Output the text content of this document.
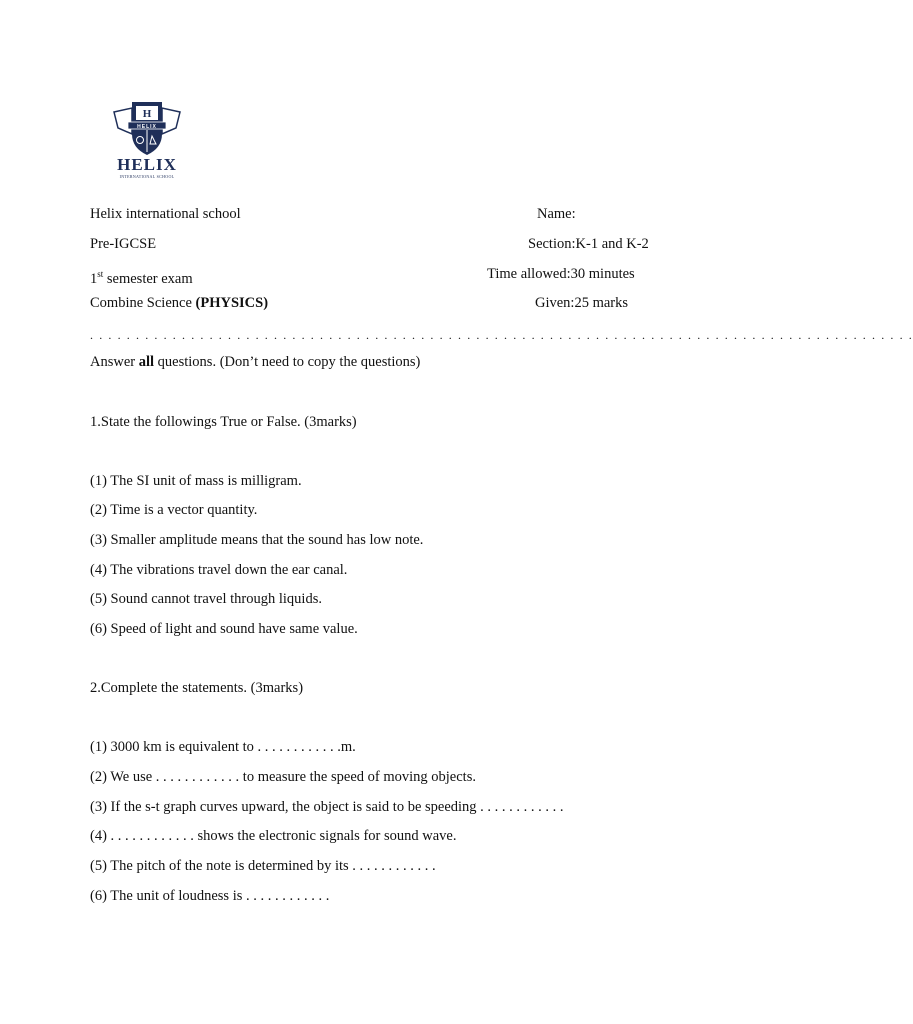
H
HELIX
HELIX
INTERNATIONAL SCHOOL
Helix international school	Name:
Pre-IGCSE	Section:K-1 and K-2
1st semester exam	Time allowed:30 minutes
Combine Science (PHYSICS)	Given:25 marks
. . . . . . . . . . . . . . . . . . . . . . . . . . . . . . . . . . . . . . . . . . . . . . . . . . . . . . . . . . . . . . . . . . . . . . . . . . . . . . . . . . . . . . . . . .
Answer all questions. (Don’t need to copy the questions)
1.State the followings True or False. (3marks)
(1) The SI unit of mass is milligram.
(2) Time is a vector quantity.
(3) Smaller amplitude means that the sound has low note.
(4) The vibrations travel down the ear canal.
(5) Sound cannot travel through liquids.
(6) Speed of light and sound have same value.
2.Complete the statements. (3marks)
(1) 3000 km is equivalent to . . . . . . . . . . . .m.
(2) We use . . . . . . . . . . . . to measure the speed of moving objects.
(3) If the s-t graph curves upward, the object is said to be speeding . . . . . . . . . . . .
(4) . . . . . . . . . . . . shows the electronic signals for sound wave.
(5) The pitch of the note is determined by its . . . . . . . . . . . .
(6) The unit of loudness is . . . . . . . . . . . .
